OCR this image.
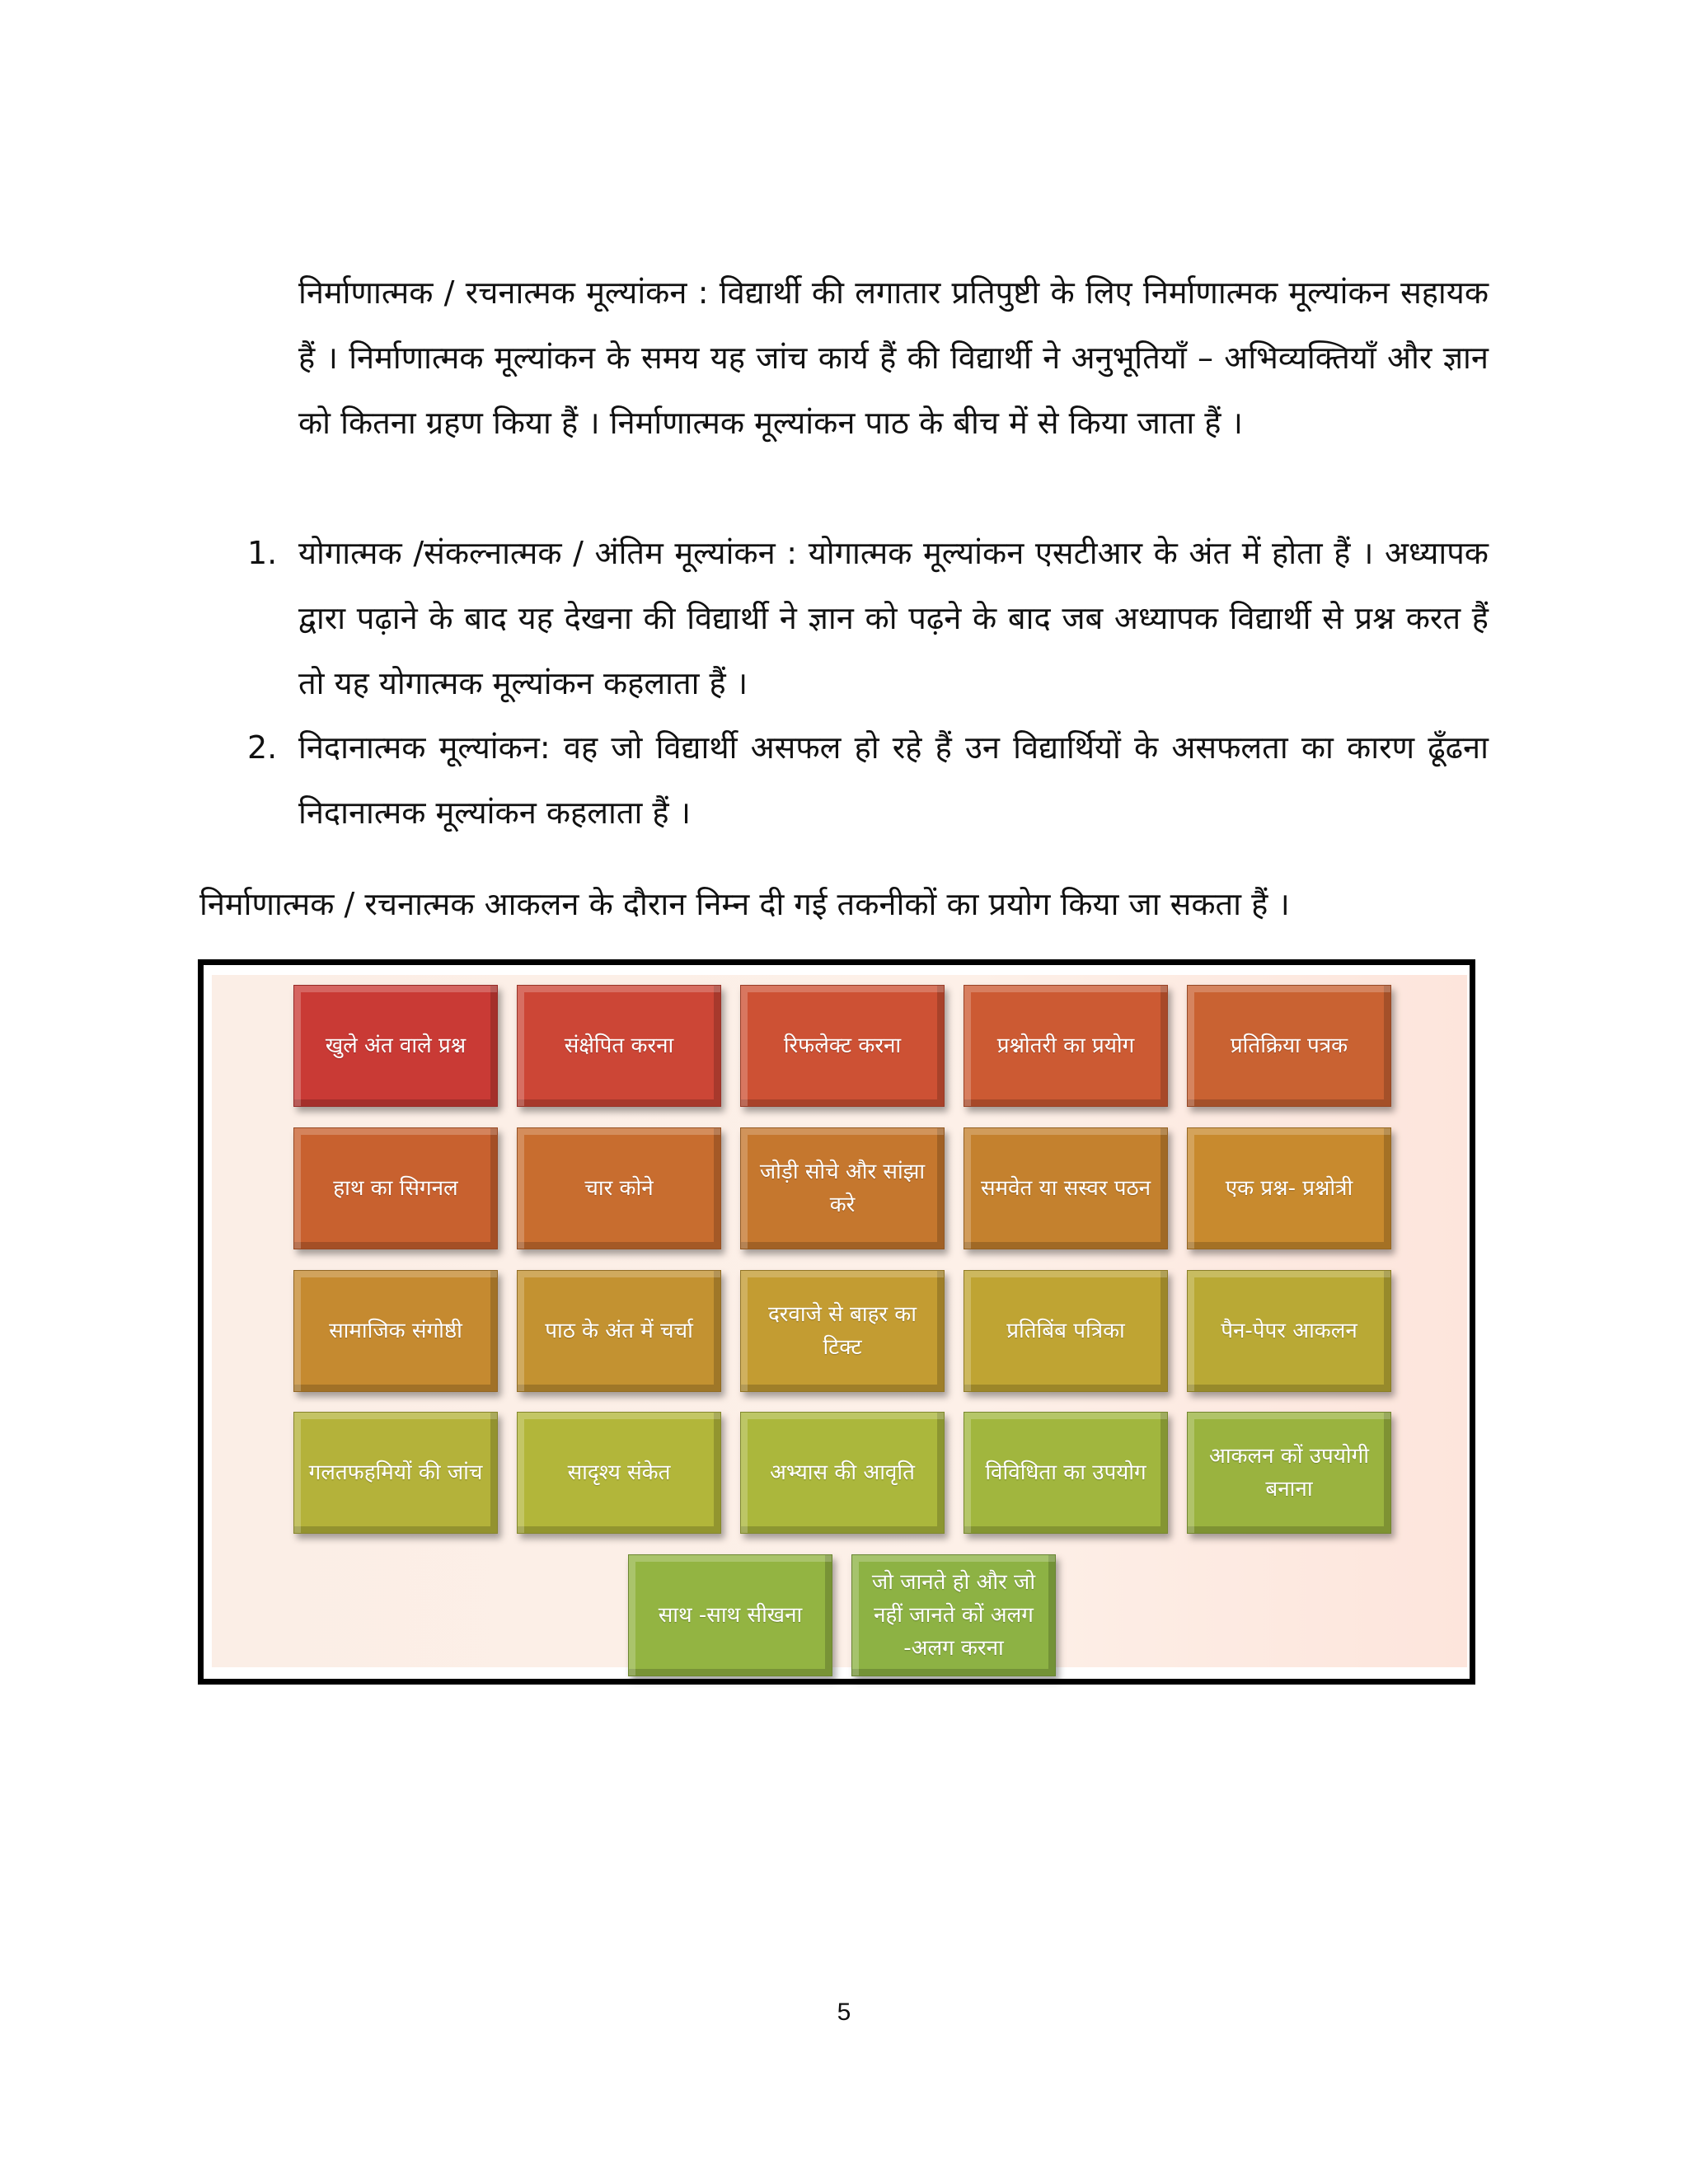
निर्माणात्मक / रचनात्मक मूल्यांकन : विद्यार्थी की लगातार प्रतिपुष्टी के लिए निर्माणात्मक मूल्यांकन सहायक हैं । निर्माणात्मक मूल्यांकन के समय यह जांच कार्य हैं की विद्यार्थी ने अनुभूतियाँ – अभिव्यक्तियाँ और ज्ञान को कितना ग्रहण किया हैं । निर्माणात्मक मूल्यांकन पाठ के बीच में से किया जाता हैं ।

1. योगात्मक /संकल्नात्मक / अंतिम मूल्यांकन : योगात्मक मूल्यांकन एसटीआर के अंत में होता हैं । अध्यापक द्वारा पढ़ाने के बाद यह देखना की विद्यार्थी ने ज्ञान को पढ़ने के बाद जब अध्यापक विद्यार्थी से प्रश्न करत हैं तो यह योगात्मक मूल्यांकन कहलाता हैं ।
2. निदानात्मक मूल्यांकन: वह जो विद्यार्थी असफल हो रहे हैं उन विद्यार्थियों के असफलता का कारण ढूँढना निदानात्मक मूल्यांकन कहलाता हैं ।

निर्माणात्मक / रचनात्मक आकलन के दौरान निम्न दी गई तकनीकों का प्रयोग किया जा सकता हैं ।

खुले अंत वाले प्रश्न	संक्षेपित करना	रिफलेक्ट करना	प्रश्नोतरी का प्रयोग	प्रतिक्रिया पत्रक
हाथ का सिगनल	चार कोने
जोड़ी सोचे और सांझा करे
समवेत या सस्वर पठन	एक प्रश्न- प्रश्नोत्री
सामाजिक संगोष्ठी	पाठ के अंत में चर्चा
दरवाजे से बाहर का टिक्ट
प्रतिबिंब पत्रिका	पैन-पेपर आकलन
गलतफहमियों की जांच	सादृश्य संकेत	अभ्यास की आवृति	विविधिता का उपयोग
आकलन कों उपयोगी बनाना
साथ -साथ सीखना
जो जानते हो और जो नहीं जानते कों अलग -अलग करना
5
